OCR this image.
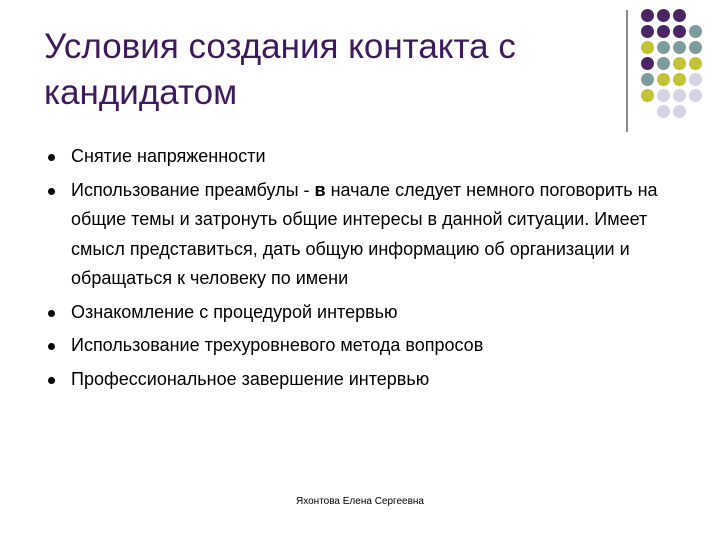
Условия создания контакта с кандидатом
Снятие напряженности
Использование преамбулы - в начале следует немного поговорить на общие темы и затронуть общие интересы в данной ситуации. Имеет смысл представиться, дать общую информацию об организации и обращаться к человеку по имени
Ознакомление с процедурой интервью
Использование трехуровневого метода вопросов
Профессиональное завершение интервью
Яхонтова Елена Сергеевна
